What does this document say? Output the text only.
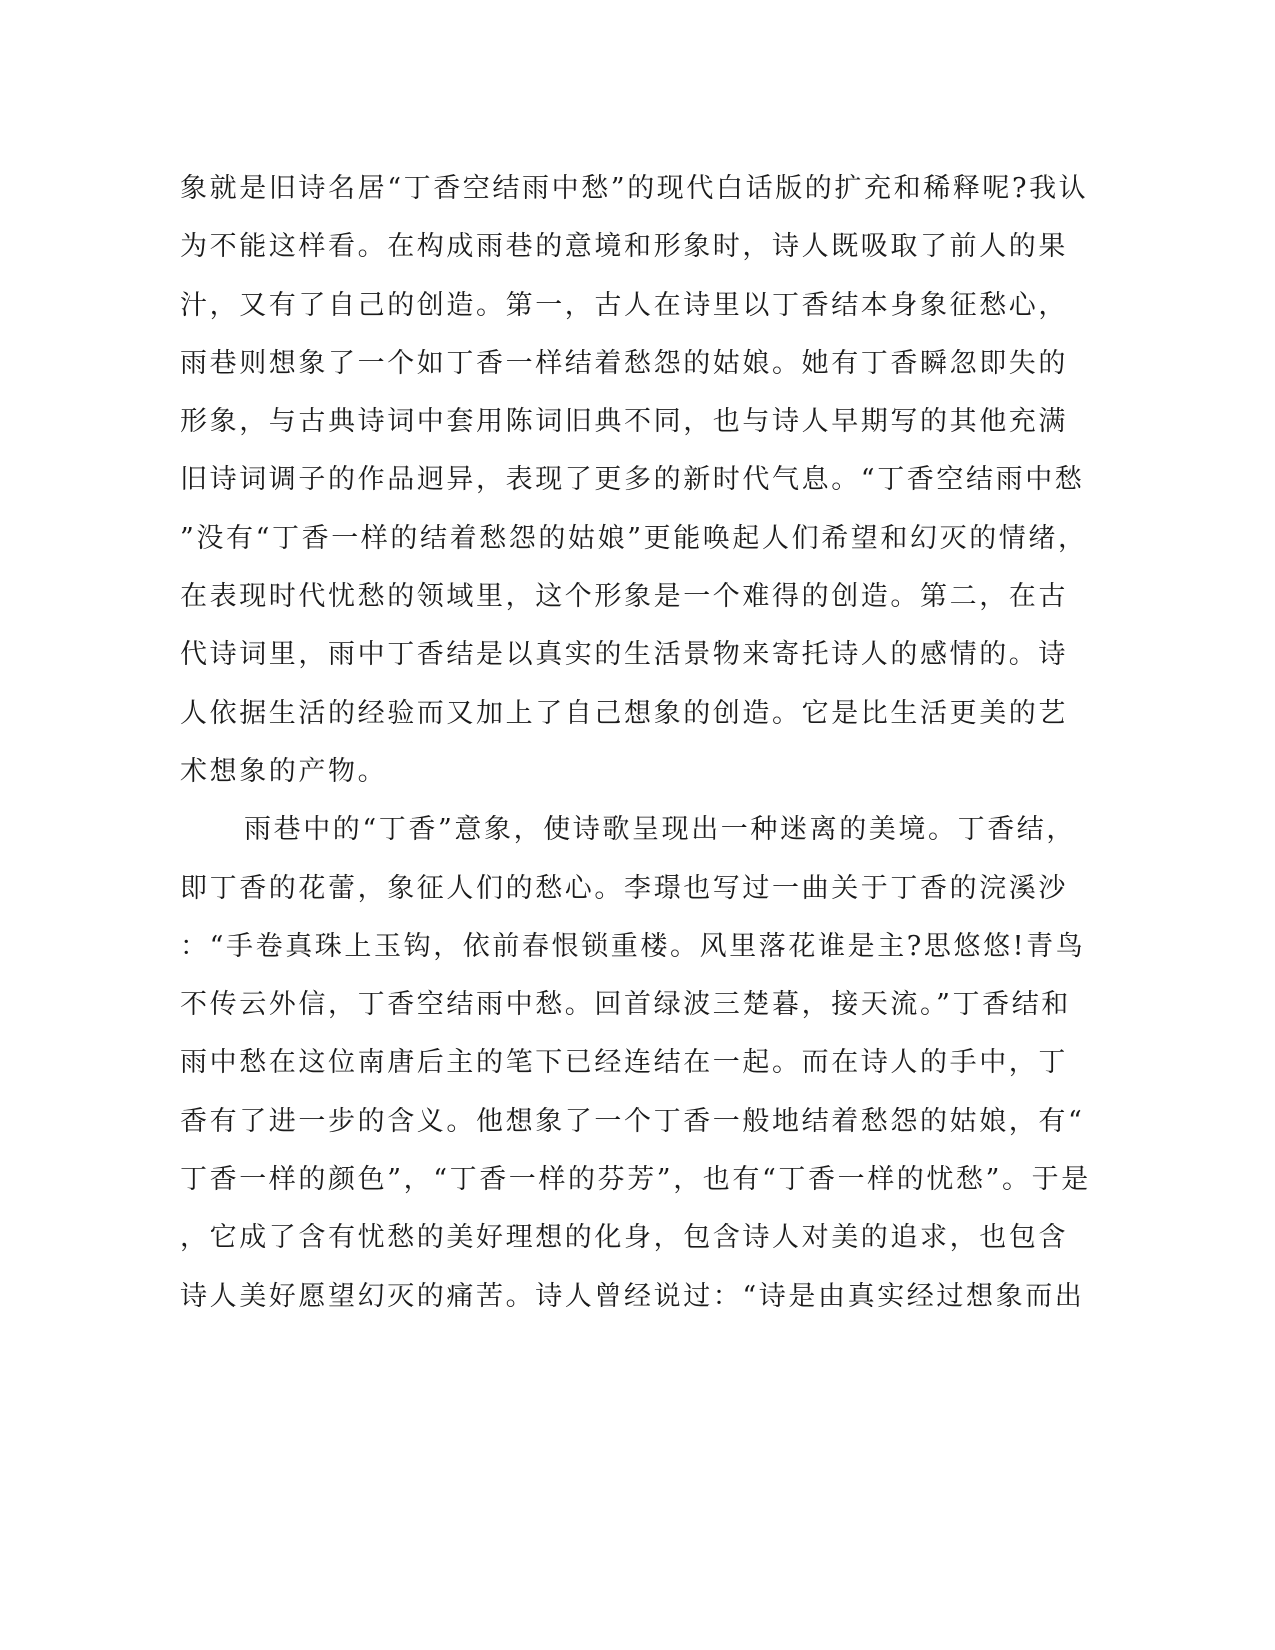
象就是旧诗名居“丁香空结雨中愁”的现代白话版的扩充和稀释呢?我认
为不能这样看。在构成雨巷的意境和形象时，诗人既吸取了前人的果
汁，又有了自己的创造。第一，古人在诗里以丁香结本身象征愁心，
雨巷则想象了一个如丁香一样结着愁怨的姑娘。她有丁香瞬忽即失的
形象，与古典诗词中套用陈词旧典不同，也与诗人早期写的其他充满
旧诗词调子的作品迥异，表现了更多的新时代气息。“丁香空结雨中愁
”没有“丁香一样的结着愁怨的姑娘”更能唤起人们希望和幻灭的情绪，
在表现时代忧愁的领域里，这个形象是一个难得的创造。第二，在古
代诗词里，雨中丁香结是以真实的生活景物来寄托诗人的感情的。诗
人依据生活的经验而又加上了自己想象的创造。它是比生活更美的艺
术想象的产物。
雨巷中的“丁香”意象，使诗歌呈现出一种迷离的美境。丁香结，
即丁香的花蕾，象征人们的愁心。李璟也写过一曲关于丁香的浣溪沙
：“手卷真珠上玉钩，依前春恨锁重楼。风里落花谁是主?思悠悠!青鸟
不传云外信，丁香空结雨中愁。回首绿波三楚暮，接天流。”丁香结和
雨中愁在这位南唐后主的笔下已经连结在一起。而在诗人的手中，丁
香有了进一步的含义。他想象了一个丁香一般地结着愁怨的姑娘，有“
丁香一样的颜色”，“丁香一样的芬芳”，也有“丁香一样的忧愁”。于是
，它成了含有忧愁的美好理想的化身，包含诗人对美的追求，也包含
诗人美好愿望幻灭的痛苦。诗人曾经说过：“诗是由真实经过想象而出
